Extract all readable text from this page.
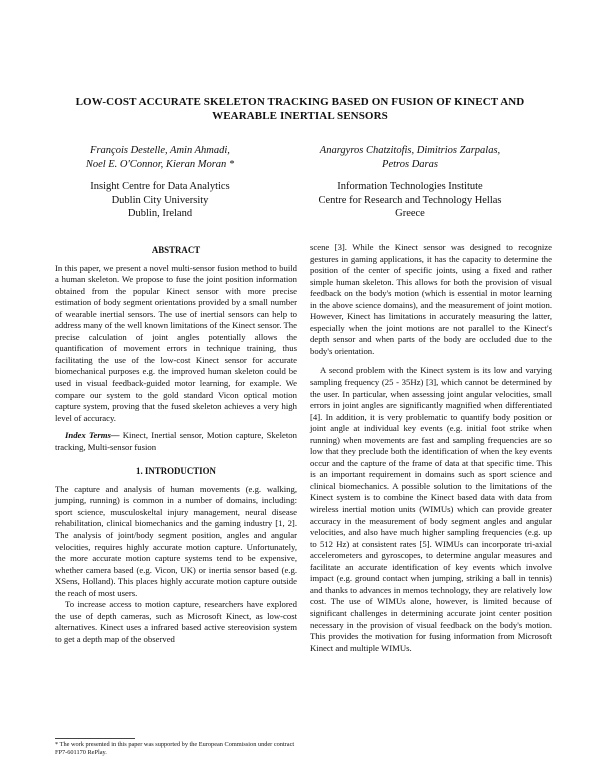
LOW-COST ACCURATE SKELETON TRACKING BASED ON FUSION OF KINECT AND
WEARABLE INERTIAL SENSORS
François Destelle, Amin Ahmadi,
Noel E. O'Connor, Kieran Moran *
Anargyros Chatzitofis, Dimitrios Zarpalas,
Petros Daras
Insight Centre for Data Analytics
Dublin City University
Dublin, Ireland
Information Technologies Institute
Centre for Research and Technology Hellas
Greece
ABSTRACT

In this paper, we present a novel multi-sensor fusion method to build a human skeleton. We propose to fuse the joint position information obtained from the popular Kinect sensor with more precise estimation of body segment orientations provided by a small number of wearable inertial sensors. The use of inertial sensors can help to address many of the well known limitations of the Kinect sensor. The precise calculation of joint angles potentially allows the quantification of movement errors in technique training, thus facilitating the use of the low-cost Kinect sensor for accurate biomechanical purposes e.g. the improved human skeleton could be used in visual feedback-guided motor learning, for example. We compare our system to the gold standard Vicon optical motion capture system, proving that the fused skeleton achieves a very high level of accuracy.

Index Terms— Kinect, Inertial sensor, Motion capture, Skeleton tracking, Multi-sensor fusion

1. INTRODUCTION

The capture and analysis of human movements (e.g. walking, jumping, running) is common in a number of domains, including: sport science, musculoskeltal injury management, neural disease rehabilitation, clinical biomechanics and the gaming industry [1, 2]. The analysis of joint/body segment position, angles and angular velocities, requires highly accurate motion capture. Unfortunately, the more accurate motion capture systems tend to be expensive, whether camera based (e.g. Vicon, UK) or inertia sensor based (e.g. XSens, Holland). This places highly accurate motion capture outside the reach of most users.

To increase access to motion capture, researchers have explored the use of depth cameras, such as Microsoft Kinect, as low-cost alternatives. Kinect uses a infrared based active stereovision system to get a depth map of the observed

scene [3]. While the Kinect sensor was designed to recognize gestures in gaming applications, it has the capacity to determine the position of the center of specific joints, using a fixed and rather simple human skeleton. This allows for both the provision of visual feedback on the body's motion (which is essential in motor learning in the above science domains), and the measurement of joint motion. However, Kinect has limitations in accurately measuring the latter, especially when the joint motions are not parallel to the Kinect's depth sensor and when parts of the body are occluded due to the body's orientation.

A second problem with the Kinect system is its low and varying sampling frequency (25 - 35Hz) [3], which cannot be determined by the user. In particular, when assessing joint angular velocities, small errors in joint angles are significantly magnified when differentiated [4]. In addition, it is very problematic to quantify body position or joint angle at individual key events (e.g. initial foot strike when running) when movements are fast and sampling frequencies are so low that they preclude both the identification of when the key events occur and the capture of the frame of data at that specific time. This is an important requirement in domains such as sport science and clinical biomechanics. A possible solution to the limitations of the Kinect system is to combine the Kinect based data with data from wireless inertial motion units (WIMUs) which can provide greater accuracy in the measurement of body segment angles and angular velocities, and also have much higher sampling frequencies (e.g. up to 512 Hz) at consistent rates [5]. WIMUs can incorporate tri-axial accelerometers and gyroscopes, to determine angular measures and facilitate an accurate identification of key events which involve impact (e.g. ground contact when jumping, striking a ball in tennis) and thanks to advances in memos technology, they are relatively low cost. The use of WIMUs alone, however, is limited because of significant challenges in determining accurate joint center position necessary in the provision of visual feedback on the body's motion. This provides the motivation for fusing information from Microsoft Kinect and multiple WIMUs.

* The work presented in this paper was supported by the European Commission under contract FP7-601170 RePlay.
